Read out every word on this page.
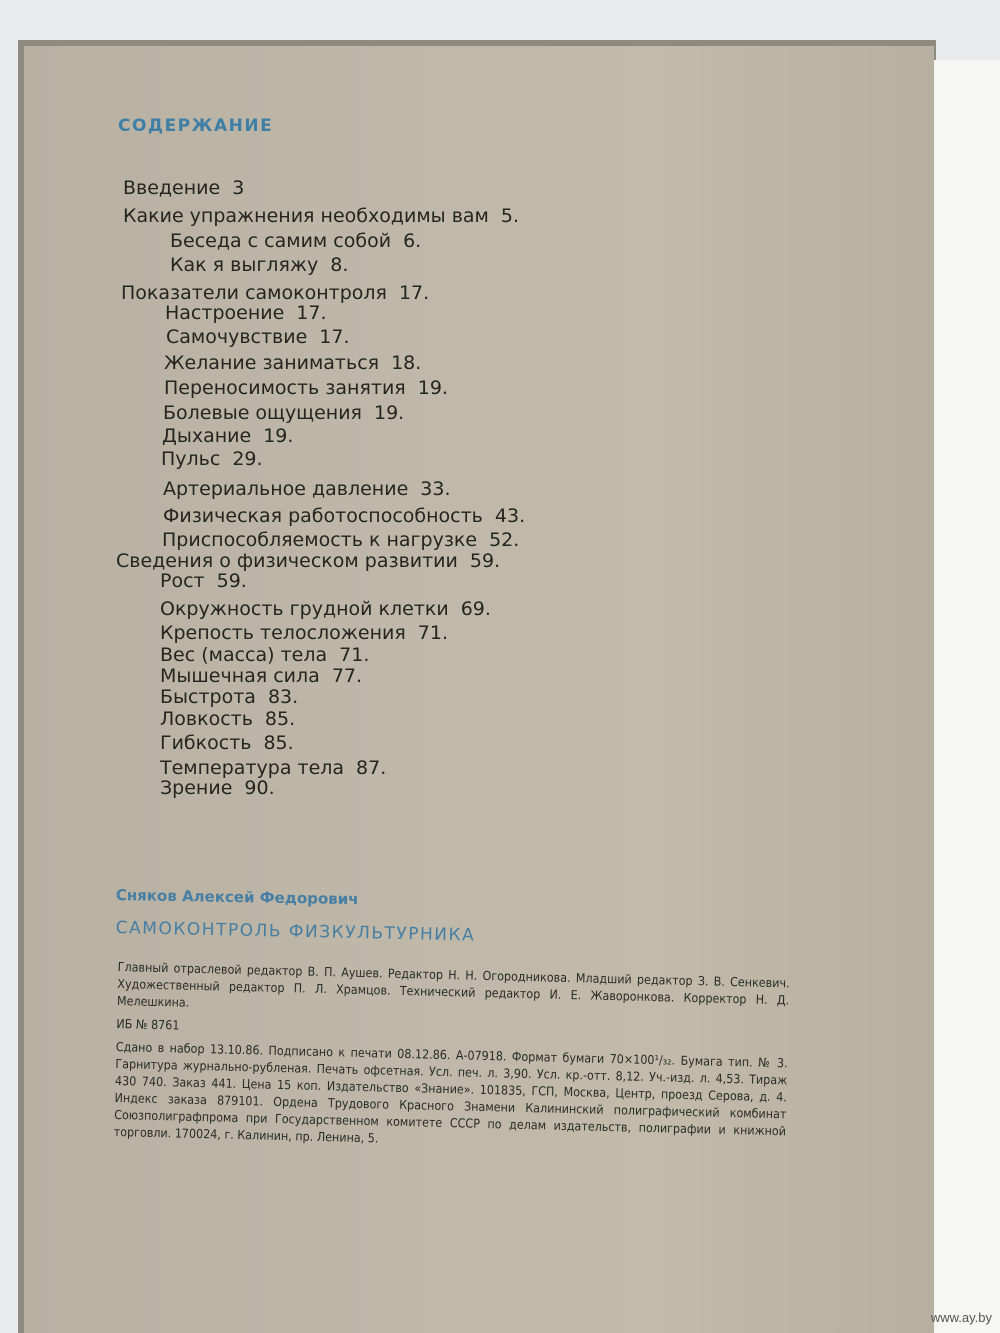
СОДЕРЖАНИЕ
Введение 3
Какие упражнения необходимы вам 5.
Беседа с самим собой 6.
Как я выгляжу 8.
Показатели самоконтроля 17.
Настроение 17.
Самочувствие 17.
Желание заниматься 18.
Переносимость занятия 19.
Болевые ощущения 19.
Дыхание 19.
Пульс 29.
Артериальное давление 33.
Физическая работоспособность 43.
Приспособляемость к нагрузке 52.
Сведения о физическом развитии 59.
Рост 59.
Окружность грудной клетки 69.
Крепость телосложения 71.
Вес (масса) тела 71.
Мышечная сила 77.
Быстрота 83.
Ловкость 85.
Гибкость 85.
Температура тела 87.
Зрение 90.
Сняков Алексей Федорович
САМОКОНТРОЛЬ ФИЗКУЛЬТУРНИКА

Главный отраслевой редактор В. П. Аушев. Редактор Н. Н. Огородникова. Младший редактор З. В. Сенкевич. Художественный редактор П. Л. Храмцов. Технический редактор И. Е. Жаворонкова. Корректор Н. Д. Мелешкина.

ИБ № 8761

Сдано в набор 13.10.86. Подписано к печати 08.12.86. А-07918. Формат бумаги 70×100¹/₃₂. Бумага тип. № 3. Гарнитура журнально-рубленая. Печать офсетная. Усл. печ. л. 3,90. Усл. кр.-отт. 8,12. Уч.-изд. л. 4,53. Тираж 430 740. Заказ 441. Цена 15 коп. Издательство «Знание». 101835, ГСП, Москва, Центр, проезд Серова, д. 4. Индекс заказа 879101. Ордена Трудового Красного Знамени Калининский полиграфический комбинат Союзполиграфпрома при Государственном комитете СССР по делам издательств, полиграфии и книжной торговли. 170024, г. Калинин, пр. Ленина, 5.

www.ay.by
